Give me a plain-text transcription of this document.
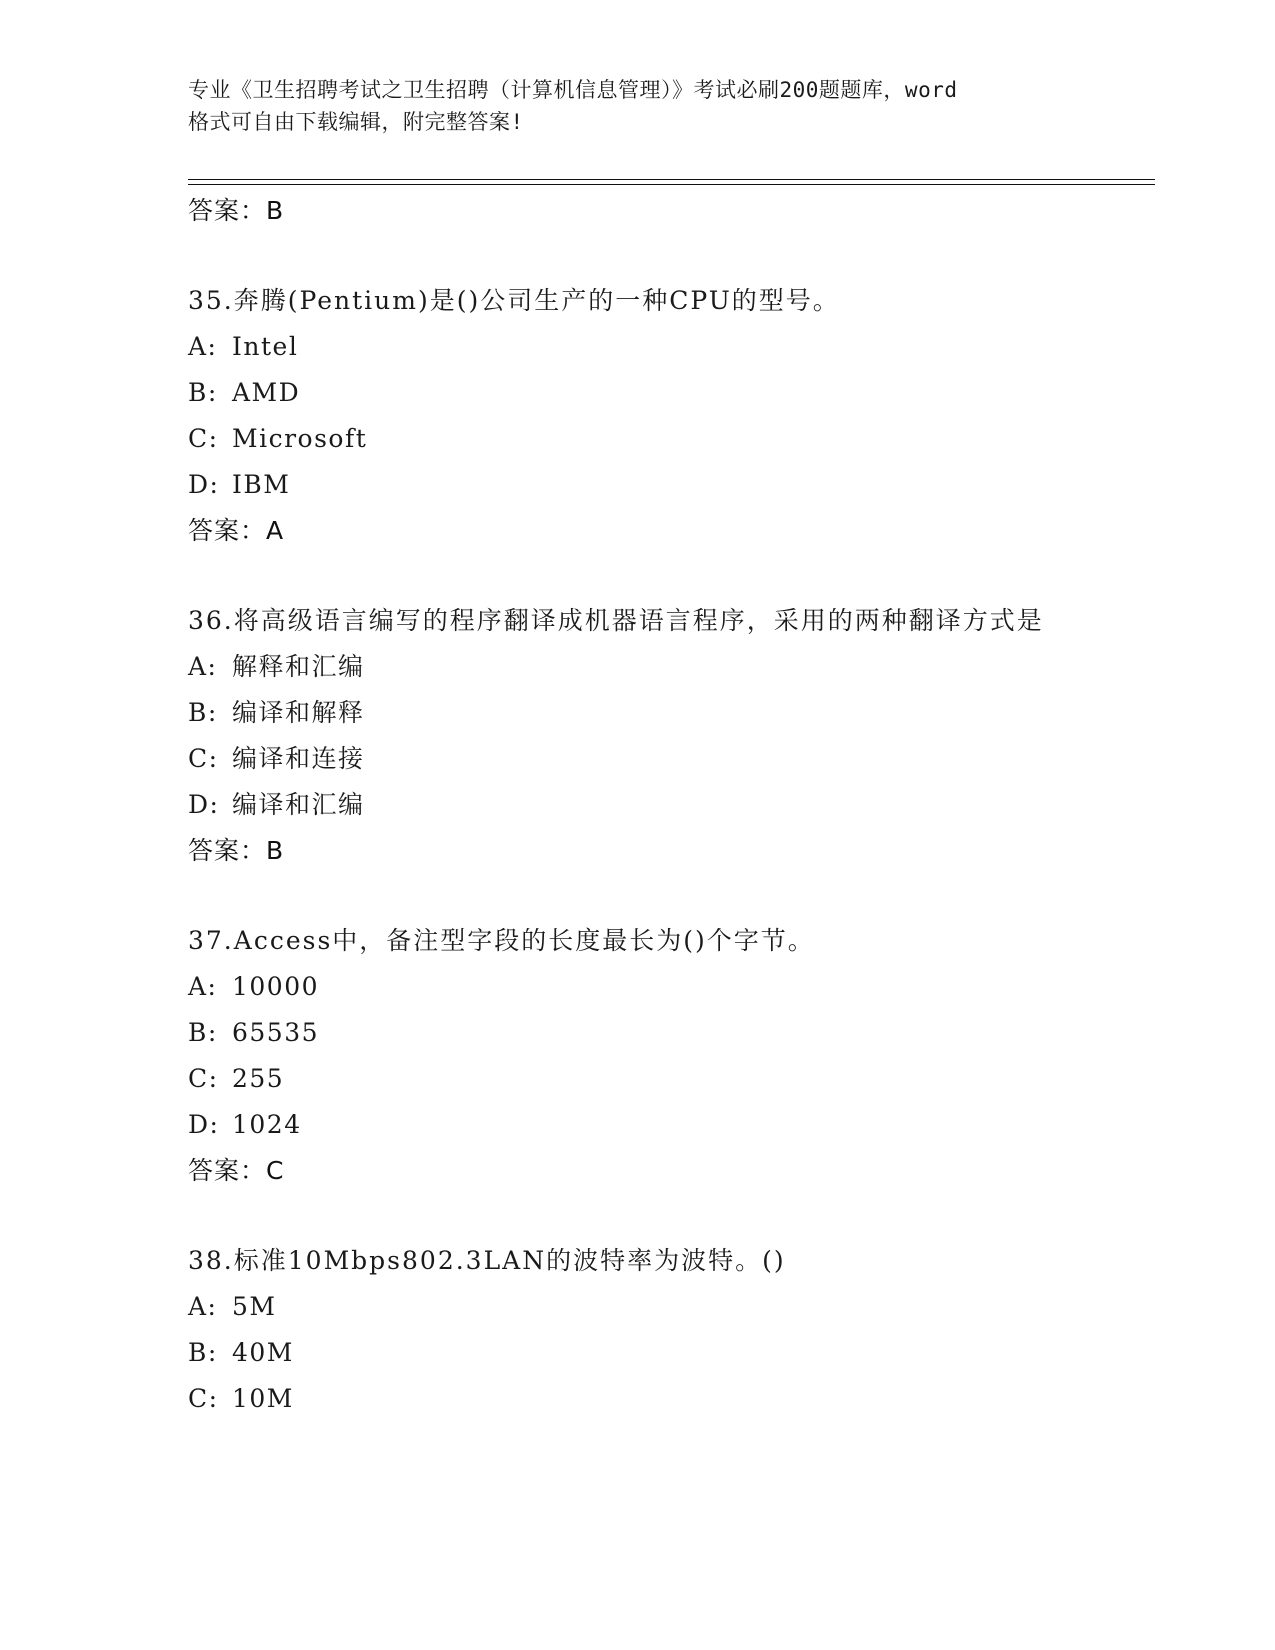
专业《卫生招聘考试之卫生招聘（计算机信息管理）》考试必刷200题题库，word
格式可自由下载编辑，附完整答案!
答案：B
35.奔腾(Pentium)是()公司生产的一种CPU的型号。
A: Intel
B: AMD
C: Microsoft
D: IBM
答案：A
36.将高级语言编写的程序翻译成机器语言程序，采用的两种翻译方式是
A: 解释和汇编
B: 编译和解释
C: 编译和连接
D: 编译和汇编
答案：B
37.Access中，备注型字段的长度最长为()个字节。
A: 10000
B: 65535
C: 255
D: 1024
答案：C
38.标准10Mbps802.3LAN的波特率为波特。()
A: 5M
B: 40M
C: 10M
